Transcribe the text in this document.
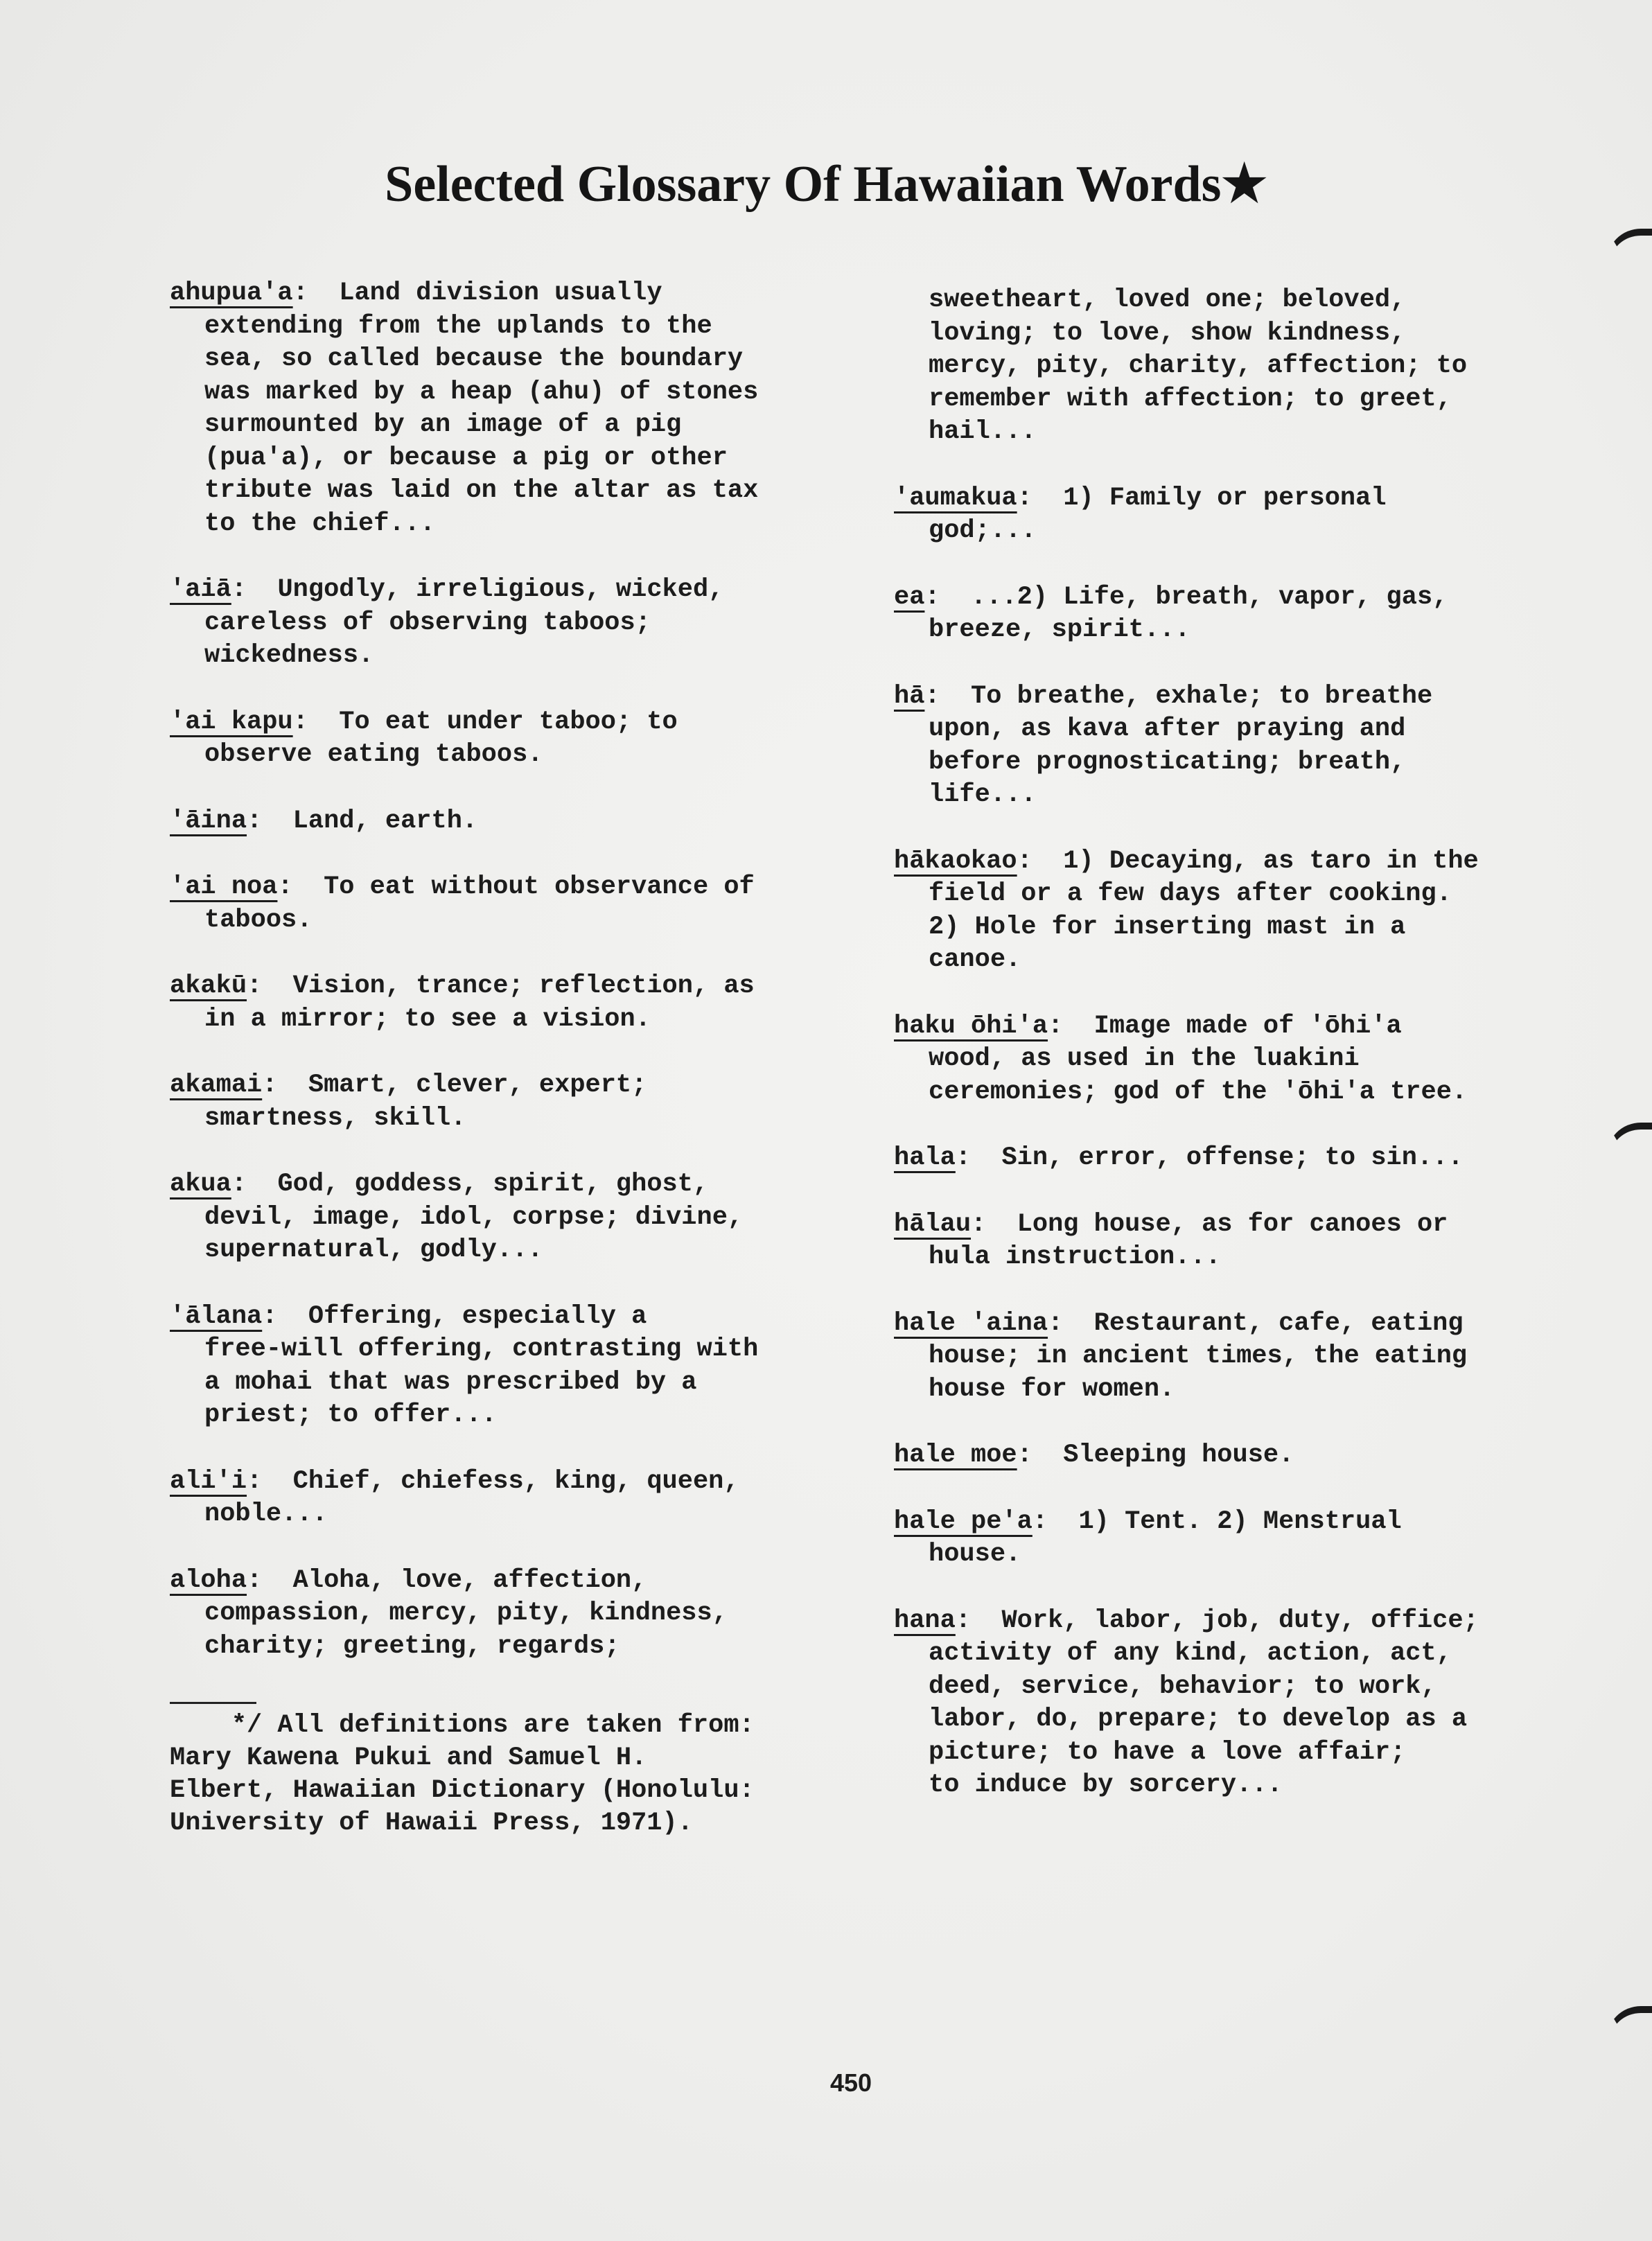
Selected Glossary Of Hawaiian Words★
ahupua'a:  Land division usually
extending from the uplands to the
sea, so called because the boundary
was marked by a heap (ahu) of stones
surmounted by an image of a pig
(pua'a), or because a pig or other
tribute was laid on the altar as tax
to the chief...
'aiā:  Ungodly, irreligious, wicked,
careless of observing taboos;
wickedness.
'ai kapu:  To eat under taboo; to
observe eating taboos.
'āina:  Land, earth.
'ai noa:  To eat without observance of
taboos.
akakū:  Vision, trance; reflection, as
in a mirror; to see a vision.
akamai:  Smart, clever, expert;
smartness, skill.
akua:  God, goddess, spirit, ghost,
devil, image, idol, corpse; divine,
supernatural, godly...
'ālana:  Offering, especially a
free-will offering, contrasting with
a mohai that was prescribed by a
priest; to offer...
ali'i:  Chief, chiefess, king, queen,
noble...
aloha:  Aloha, love, affection,
compassion, mercy, pity, kindness,
charity; greeting, regards;
*/ All definitions are taken from:
Mary Kawena Pukui and Samuel H.
Elbert, Hawaiian Dictionary (Honolulu:
University of Hawaii Press, 1971).
sweetheart, loved one; beloved,
loving; to love, show kindness,
mercy, pity, charity, affection; to
remember with affection; to greet,
hail...
'aumakua:  1) Family or personal
god;...
ea:  ...2) Life, breath, vapor, gas,
breeze, spirit...
hā:  To breathe, exhale; to breathe
upon, as kava after praying and
before prognosticating; breath,
life...
hākaokao:  1) Decaying, as taro in the
field or a few days after cooking.
2) Hole for inserting mast in a
canoe.
haku ōhi'a:  Image made of 'ōhi'a
wood, as used in the luakini
ceremonies; god of the 'ōhi'a tree.
hala:  Sin, error, offense; to sin...
hālau:  Long house, as for canoes or
hula instruction...
hale 'aina:  Restaurant, cafe, eating
house; in ancient times, the eating
house for women.
hale moe:  Sleeping house.
hale pe'a:  1) Tent. 2) Menstrual
house.
hana:  Work, labor, job, duty, office;
activity of any kind, action, act,
deed, service, behavior; to work,
labor, do, prepare; to develop as a
picture; to have a love affair;
to induce by sorcery...
450
